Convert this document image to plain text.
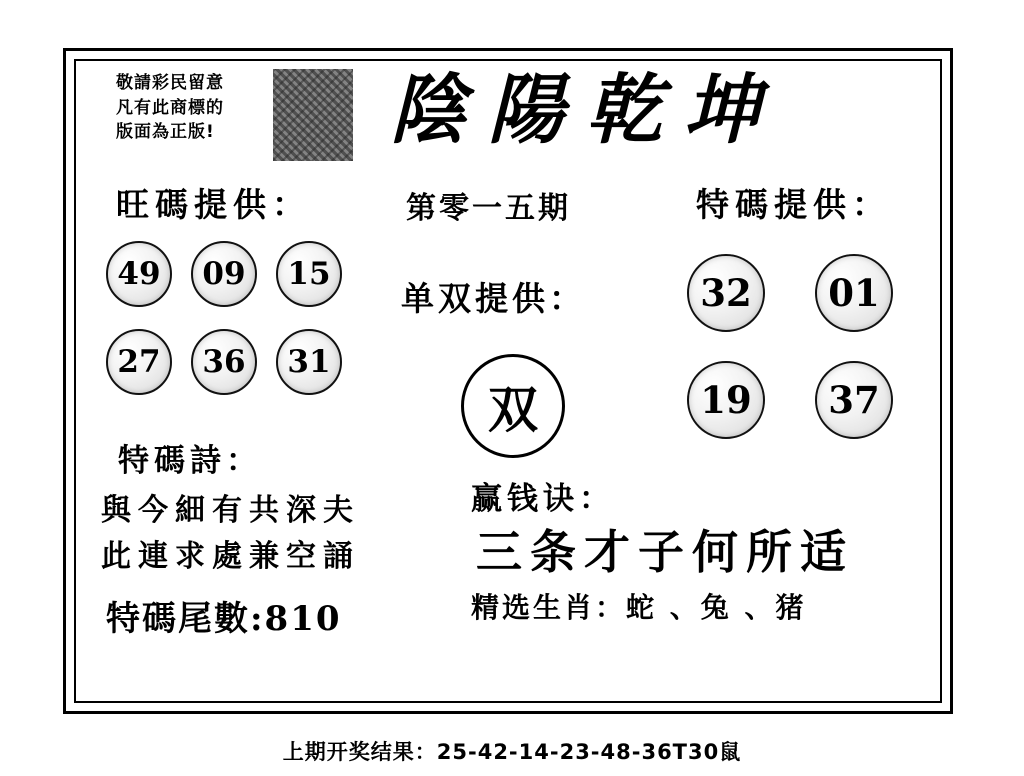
敬請彩民留意
凡有此商標的
版面為正版!	陰陽乾坤
旺碼提供：	第零一五期	特碼提供：
单双提供：
49	09	15
27	36	31
32	01
19	37
双
特碼詩：
與今細有共深夫
此連求處兼空誦
特碼尾數:810
赢钱诀：
三条才子何所适
精选生肖：蛇 、兔 、猪
上期开奖结果：25-42-14-23-48-36T30鼠
